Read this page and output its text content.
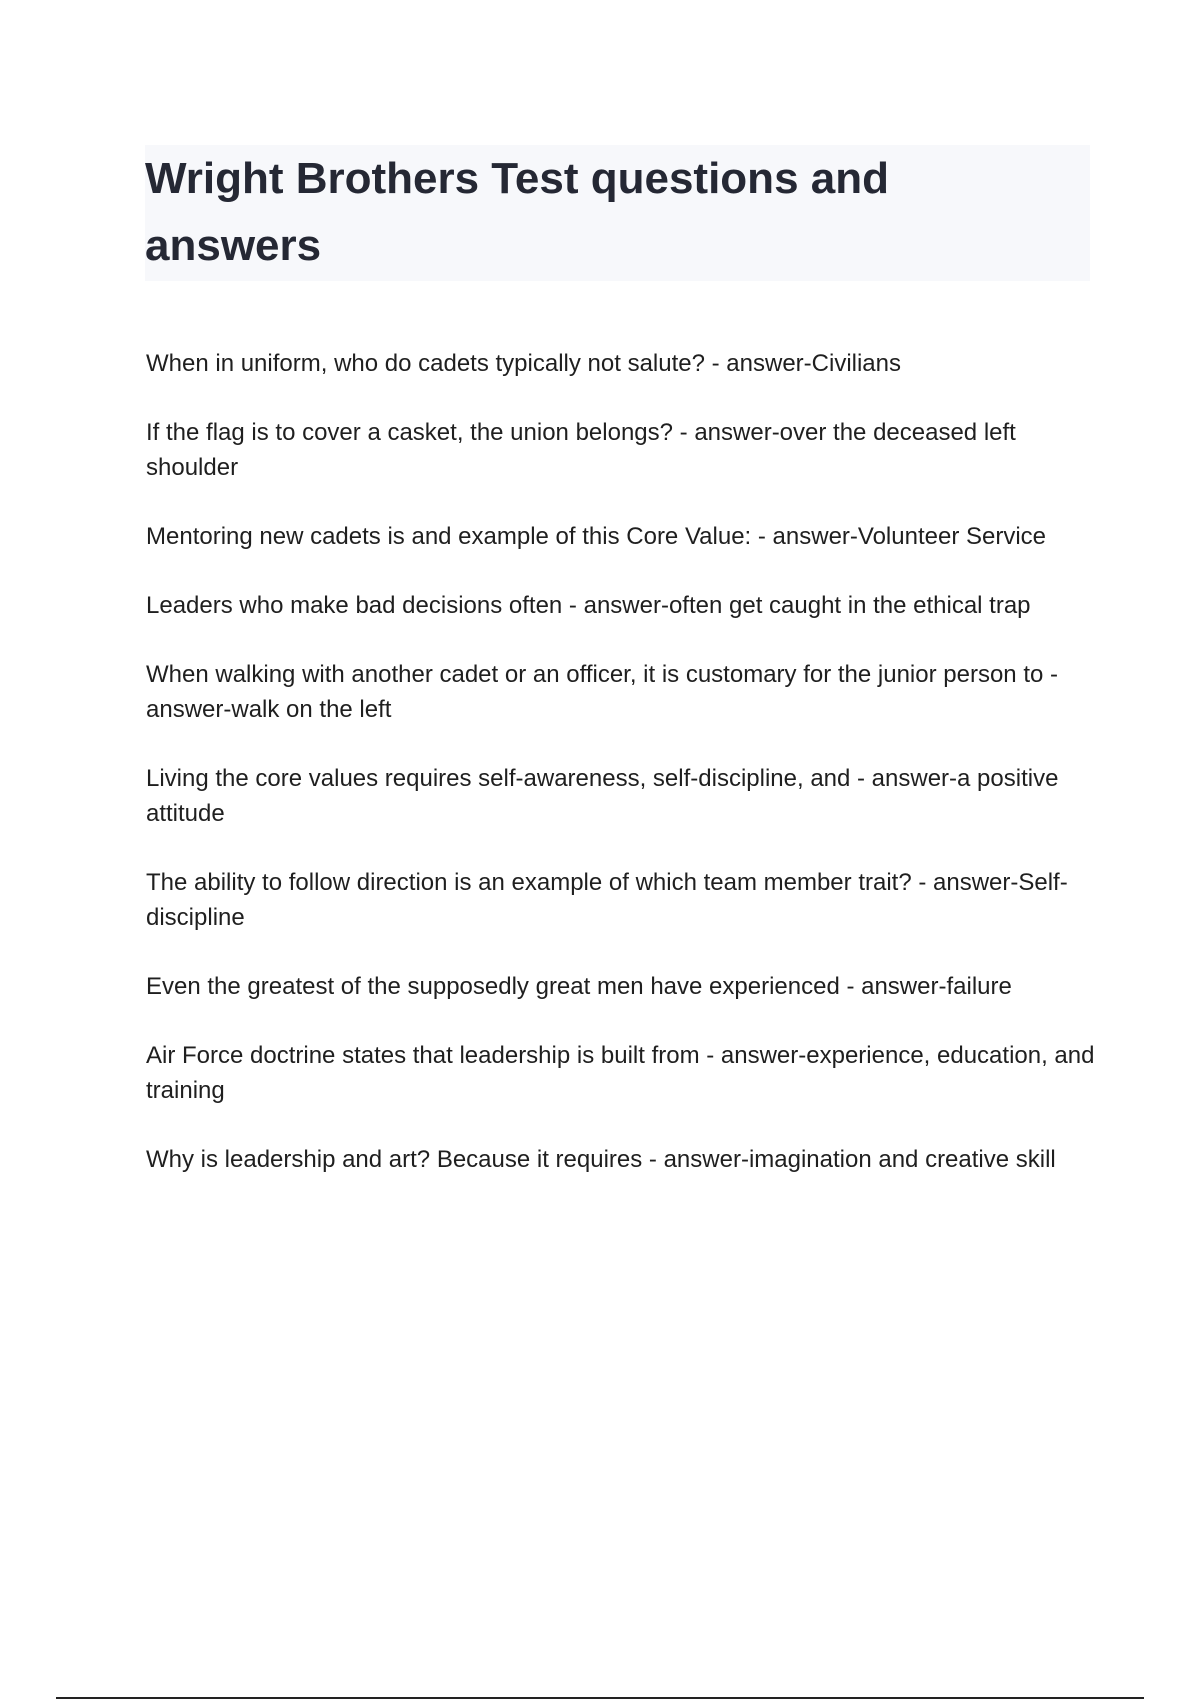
Wright Brothers Test questions and answers
When in uniform, who do cadets typically not salute? - answer-Civilians
If the flag is to cover a casket, the union belongs? - answer-over the deceased left shoulder
Mentoring new cadets is and example of this Core Value: - answer-Volunteer Service
Leaders who make bad decisions often - answer-often get caught in the ethical trap
When walking with another cadet or an officer, it is customary for the junior person to - answer-walk on the left
Living the core values requires self-awareness, self-discipline, and - answer-a positive attitude
The ability to follow direction is an example of which team member trait? - answer-Self-discipline
Even the greatest of the supposedly great men have experienced - answer-failure
Air Force doctrine states that leadership is built from - answer-experience, education, and training
Why is leadership and art? Because it requires - answer-imagination and creative skill
